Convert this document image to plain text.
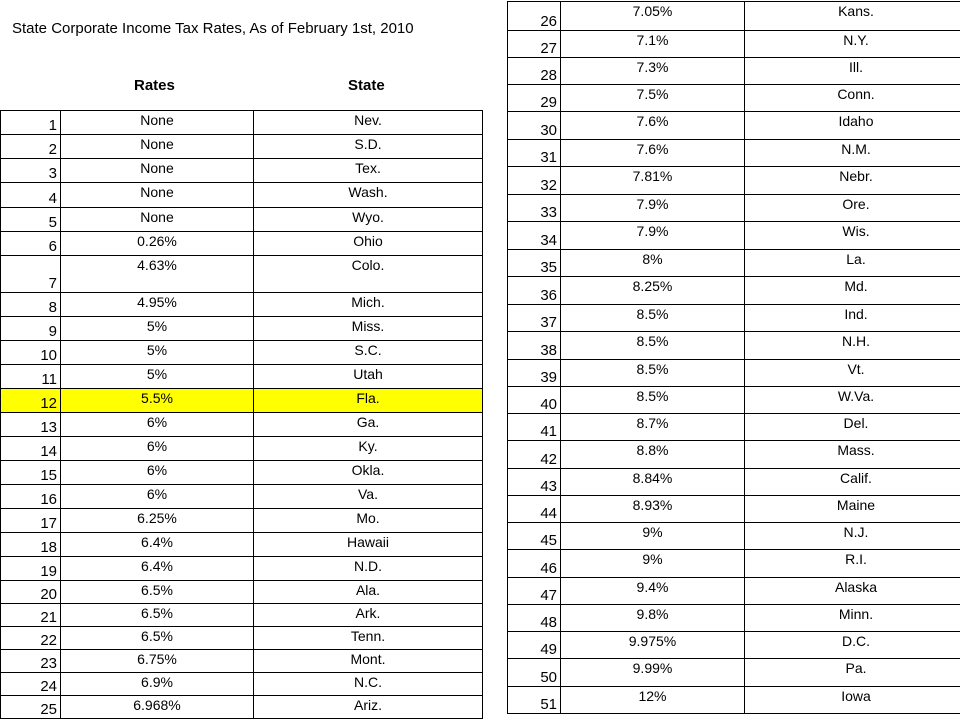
State Corporate Income Tax Rates, As of February 1st, 2010
Rates	State
1	None	Nev.
2	None	S.D.
3	None	Tex.
4	None	Wash.
5	None	Wyo.
6	0.26%	Ohio
7	4.63%	Colo.
8	4.95%	Mich.
9	5%	Miss.
10	5%	S.C.
11	5%	Utah
12	5.5%	Fla.
13	6%	Ga.
14	6%	Ky.
15	6%	Okla.
16	6%	Va.
17	6.25%	Mo.
18	6.4%	Hawaii
19	6.4%	N.D.
20	6.5%	Ala.
21	6.5%	Ark.
22	6.5%	Tenn.
23	6.75%	Mont.
24	6.9%	N.C.
25	6.968%	Ariz.
26	7.05%	Kans.
27	7.1%	N.Y.
28	7.3%	Ill.
29	7.5%	Conn.
30	7.6%	Idaho
31	7.6%	N.M.
32	7.81%	Nebr.
33	7.9%	Ore.
34	7.9%	Wis.
35	8%	La.
36	8.25%	Md.
37	8.5%	Ind.
38	8.5%	N.H.
39	8.5%	Vt.
40	8.5%	W.Va.
41	8.7%	Del.
42	8.8%	Mass.
43	8.84%	Calif.
44	8.93%	Maine
45	9%	N.J.
46	9%	R.I.
47	9.4%	Alaska
48	9.8%	Minn.
49	9.975%	D.C.
50	9.99%	Pa.
51	12%	Iowa
